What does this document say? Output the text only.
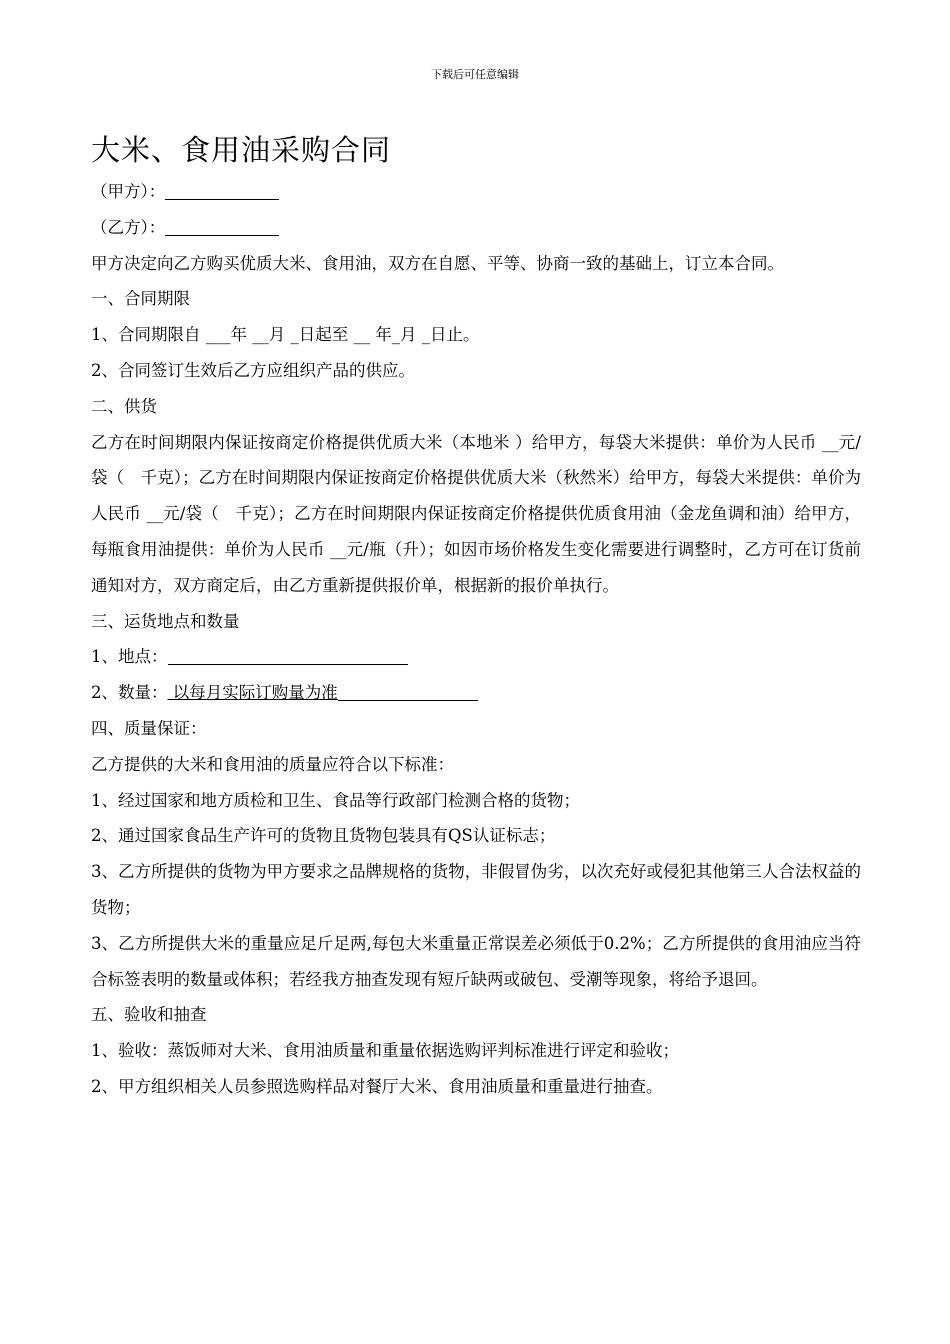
下载后可任意编辑
大米、食用油采购合同

（甲方）：

（乙方）：

甲方决定向乙方购买优质大米、食用油，双方在自愿、平等、协商一致的基础上，订立本合同。

一、合同期限

1、合同期限自 ___年 __月 _日起至 __ 年_月 _日止。

2、合同签订生效后乙方应组织产品的供应。

二、供货

乙方在时间期限内保证按商定价格提供优质大米（本地米 ）给甲方，每袋大米提供：单价为人民币 __元/袋（　千克）；乙方在时间期限内保证按商定价格提供优质大米（秋然米）给甲方，每袋大米提供：单价为人民币 __元/袋（　千克）；乙方在时间期限内保证按商定价格提供优质食用油（金龙鱼调和油）给甲方，每瓶食用油提供：单价为人民币 __元/瓶（升）；如因市场价格发生变化需要进行调整时，乙方可在订货前通知对方，双方商定后，由乙方重新提供报价单，根据新的报价单执行。

三、运货地点和数量

1、地点：

2、数量： 以每月实际订购量为准

四、质量保证：

乙方提供的大米和食用油的质量应符合以下标准：

1、经过国家和地方质检和卫生、食品等行政部门检测合格的货物；

2、通过国家食品生产许可的货物且货物包装具有QS认证标志；

3、乙方所提供的货物为甲方要求之品牌规格的货物，非假冒伪劣，以次充好或侵犯其他第三人合法权益的货物；

3、乙方所提供大米的重量应足斤足两,每包大米重量正常误差必须低于0.2%；乙方所提供的食用油应当符合标签表明的数量或体积；若经我方抽查发现有短斤缺两或破包、受潮等现象，将给予退回。

五、验收和抽查

1、验收：蒸饭师对大米、食用油质量和重量依据选购评判标准进行评定和验收；

2、甲方组织相关人员参照选购样品对餐厅大米、食用油质量和重量进行抽查。
